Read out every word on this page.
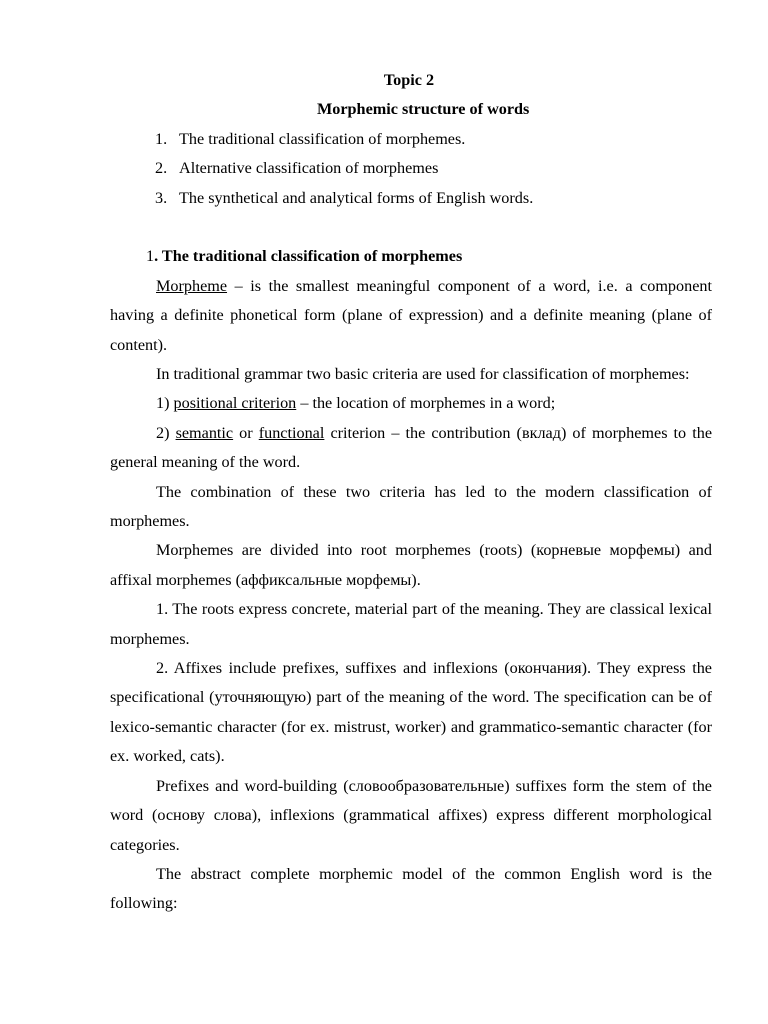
Topic 2
Morphemic structure of words
1. The traditional classification of morphemes.
2. Alternative classification of morphemes
3. The synthetical and analytical forms of English words.
1. The traditional classification of morphemes

Morpheme – is the smallest meaningful component of a word, i.e. a component having a definite phonetical form (plane of expression) and a definite meaning (plane of content).

In traditional grammar two basic criteria are used for classification of morphemes:

1) positional criterion – the location of morphemes in a word;

2) semantic or functional criterion – the contribution (вклад) of morphemes to the general meaning of the word.

The combination of these two criteria has led to the modern classification of morphemes.

Morphemes are divided into root morphemes (roots) (корневые морфемы) and affixal morphemes (аффиксальные морфемы).

1. The roots express concrete, material part of the meaning. They are classical lexical morphemes.

2. Affixes include prefixes, suffixes and inflexions (окончания). They express the specificational (уточняющую) part of the meaning of the word. The specification can be of lexico-semantic character (for ex. mistrust, worker) and grammatico-semantic character (for ex. worked, cats).

Prefixes and word-building (словообразовательные) suffixes form the stem of the word (основу слова), inflexions (grammatical affixes) express different morphological categories.

The abstract complete morphemic model of the common English word is the following:
